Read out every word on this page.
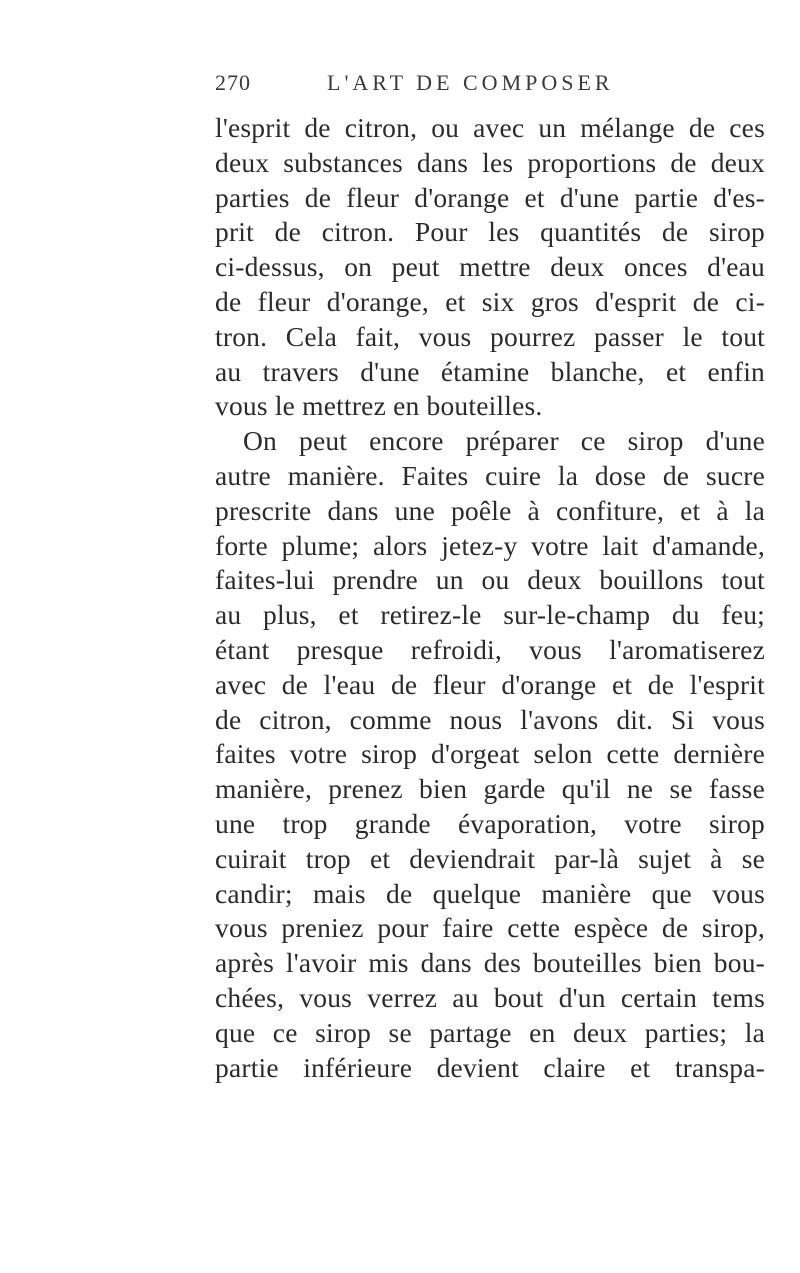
270	L'ART DE COMPOSER
l'esprit de citron, ou avec un mélange de ces
deux substances dans les proportions de deux
parties de fleur d'orange et d'une partie d'es-
prit de citron. Pour les quantités de sirop
ci-dessus, on peut mettre deux onces d'eau
de fleur d'orange, et six gros d'esprit de ci-
tron. Cela fait, vous pourrez passer le tout
au travers d'une étamine blanche, et enfin
vous le mettrez en bouteilles.
On peut encore préparer ce sirop d'une
autre manière. Faites cuire la dose de sucre
prescrite dans une poêle à confiture, et à la
forte plume; alors jetez-y votre lait d'amande,
faites-lui prendre un ou deux bouillons tout
au plus, et retirez-le sur-le-champ du feu;
étant presque refroidi, vous l'aromatiserez
avec de l'eau de fleur d'orange et de l'esprit
de citron, comme nous l'avons dit. Si vous
faites votre sirop d'orgeat selon cette dernière
manière, prenez bien garde qu'il ne se fasse
une trop grande évaporation, votre sirop
cuirait trop et deviendrait par-là sujet à se
candir; mais de quelque manière que vous
vous preniez pour faire cette espèce de sirop,
après l'avoir mis dans des bouteilles bien bou-
chées, vous verrez au bout d'un certain tems
que ce sirop se partage en deux parties; la
partie inférieure devient claire et transpa-
